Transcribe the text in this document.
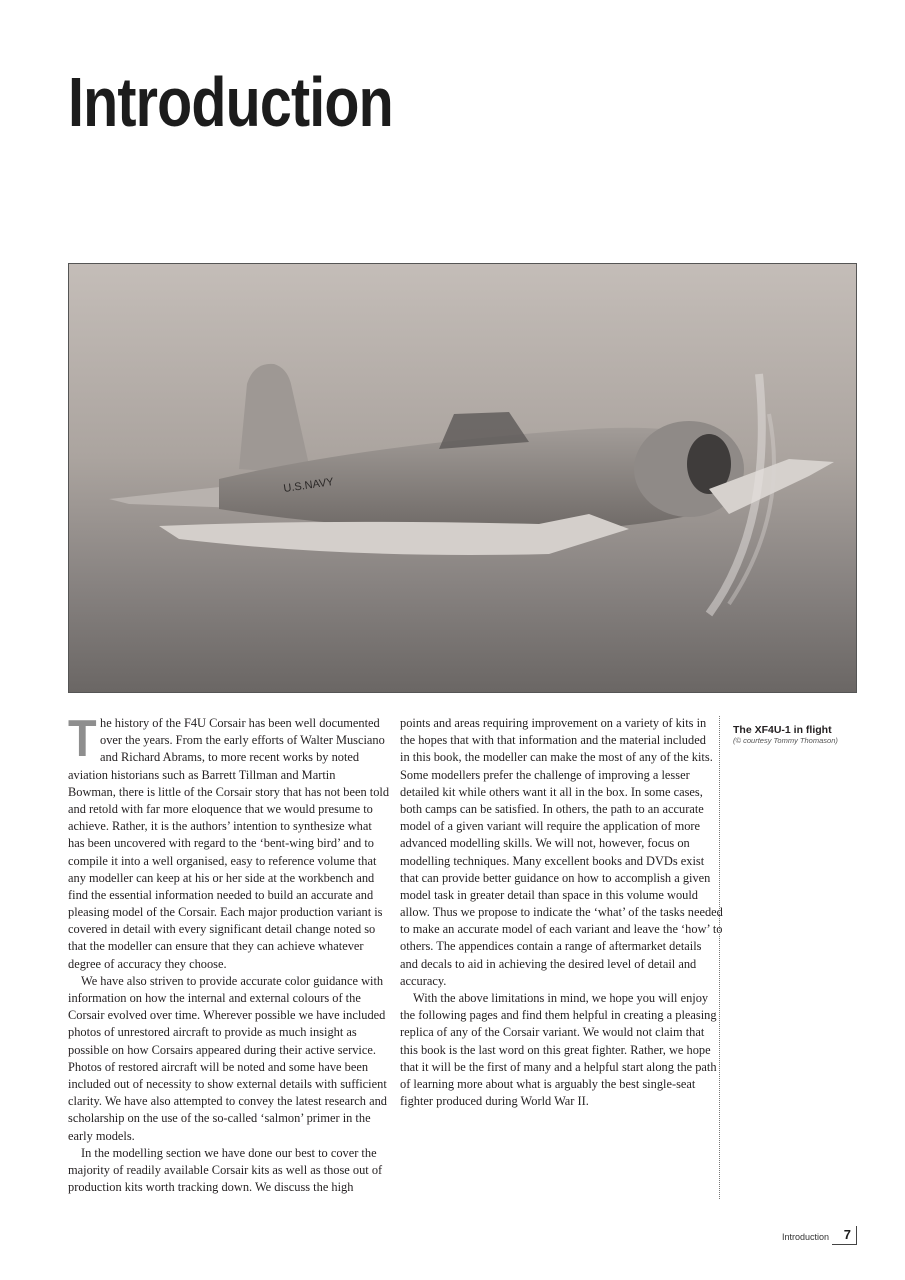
Introduction
U.S.NAVY
T he history of the F4U Corsair has been well documented
over the years. From the early efforts of Walter Musciano
and Richard Abrams, to more recent works by noted
aviation historians such as Barrett Tillman and Martin
Bowman, there is little of the Corsair story that has not been told
and retold with far more eloquence that we would presume to
achieve. Rather, it is the authors’ intention to synthesize what
has been uncovered with regard to the ‘bent-wing bird’ and to
compile it into a well organised, easy to reference volume that
any modeller can keep at his or her side at the workbench and
find the essential information needed to build an accurate and
pleasing model of the Corsair. Each major production variant is
covered in detail with every significant detail change noted so
that the modeller can ensure that they can achieve whatever
degree of accuracy they choose.
We have also striven to provide accurate color guidance with
information on how the internal and external colours of the
Corsair evolved over time. Wherever possible we have included
photos of unrestored aircraft to provide as much insight as
possible on how Corsairs appeared during their active service.
Photos of restored aircraft will be noted and some have been
included out of necessity to show external details with sufficient
clarity. We have also attempted to convey the latest research and
scholarship on the use of the so-called ‘salmon’ primer in the
early models.
In the modelling section we have done our best to cover the
majority of readily available Corsair kits as well as those out of
production kits worth tracking down. We discuss the high
points and areas requiring improvement on a variety of kits in
the hopes that with that information and the material included
in this book, the modeller can make the most of any of the kits.
Some modellers prefer the challenge of improving a lesser
detailed kit while others want it all in the box. In some cases,
both camps can be satisfied. In others, the path to an accurate
model of a given variant will require the application of more
advanced modelling skills. We will not, however, focus on
modelling techniques. Many excellent books and DVDs exist
that can provide better guidance on how to accomplish a given
model task in greater detail than space in this volume would
allow. Thus we propose to indicate the ‘what’ of the tasks needed
to make an accurate model of each variant and leave the ‘how’ to
others. The appendices contain a range of aftermarket details
and decals to aid in achieving the desired level of detail and
accuracy.
With the above limitations in mind, we hope you will enjoy
the following pages and find them helpful in creating a pleasing
replica of any of the Corsair variant. We would not claim that
this book is the last word on this great fighter. Rather, we hope
that it will be the first of many and a helpful start along the path
of learning more about what is arguably the best single-seat
fighter produced during World War II.
The XF4U-1 in flight
(© courtesy Tommy Thomason)
Introduction	7
